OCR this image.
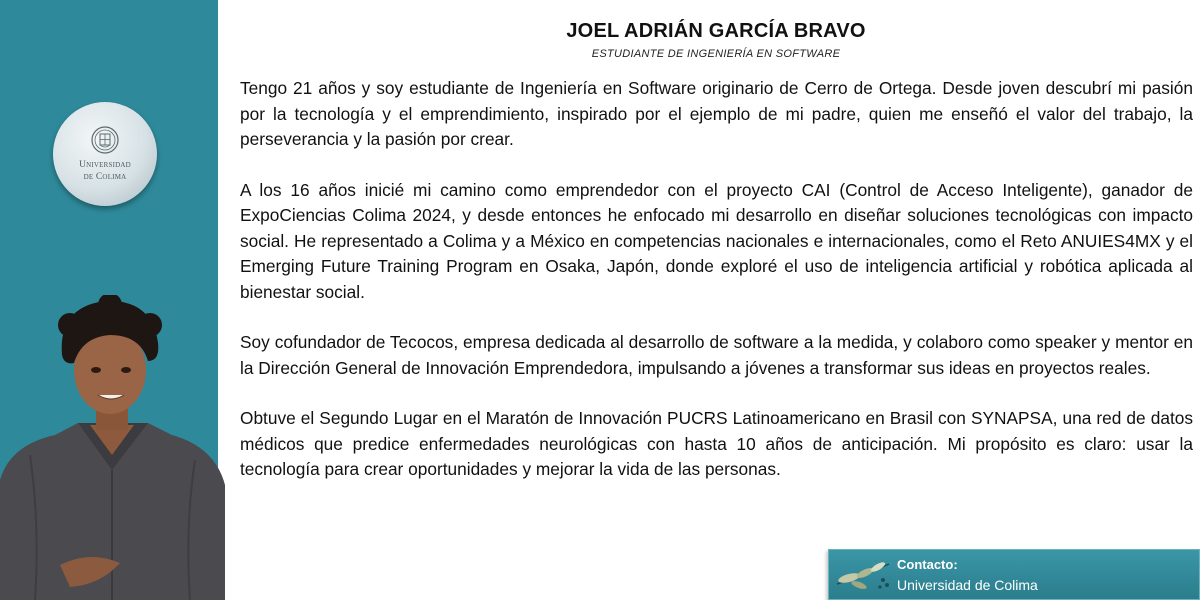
Universidad
de Colima
JOEL ADRIÁN GARCÍA BRAVO
ESTUDIANTE DE INGENIERÍA EN SOFTWARE

Tengo 21 años y soy estudiante de Ingeniería en Software originario de Cerro de Ortega. Desde joven descubrí mi pasión por la tecnología y el emprendimiento, inspirado por el ejemplo de mi padre, quien me enseñó el valor del trabajo, la perseverancia y la pasión por crear.

A los 16 años inicié mi camino como emprendedor con el proyecto CAI (Control de Acceso Inteligente), ganador de ExpoCiencias Colima 2024, y desde entonces he enfocado mi desarrollo en diseñar soluciones tecnológicas con impacto social. He representado a Colima y a México en competencias nacionales e internacionales, como el Reto ANUIES4MX y el Emerging Future Training Program en Osaka, Japón, donde exploré el uso de inteligencia artificial y robótica aplicada al bienestar social.

Soy cofundador de Tecocos, empresa dedicada al desarrollo de software a la medida, y colaboro como speaker y mentor en la Dirección General de Innovación Emprendedora, impulsando a jóvenes a transformar sus ideas en proyectos reales.

Obtuve el Segundo Lugar en el Maratón de Innovación PUCRS Latinoamericano en Brasil con SYNAPSA, una red de datos médicos que predice enfermedades neurológicas con hasta 10 años de anticipación. Mi propósito es claro: usar la tecnología para crear oportunidades y mejorar la vida de las personas.

Contacto:
Universidad de Colima
